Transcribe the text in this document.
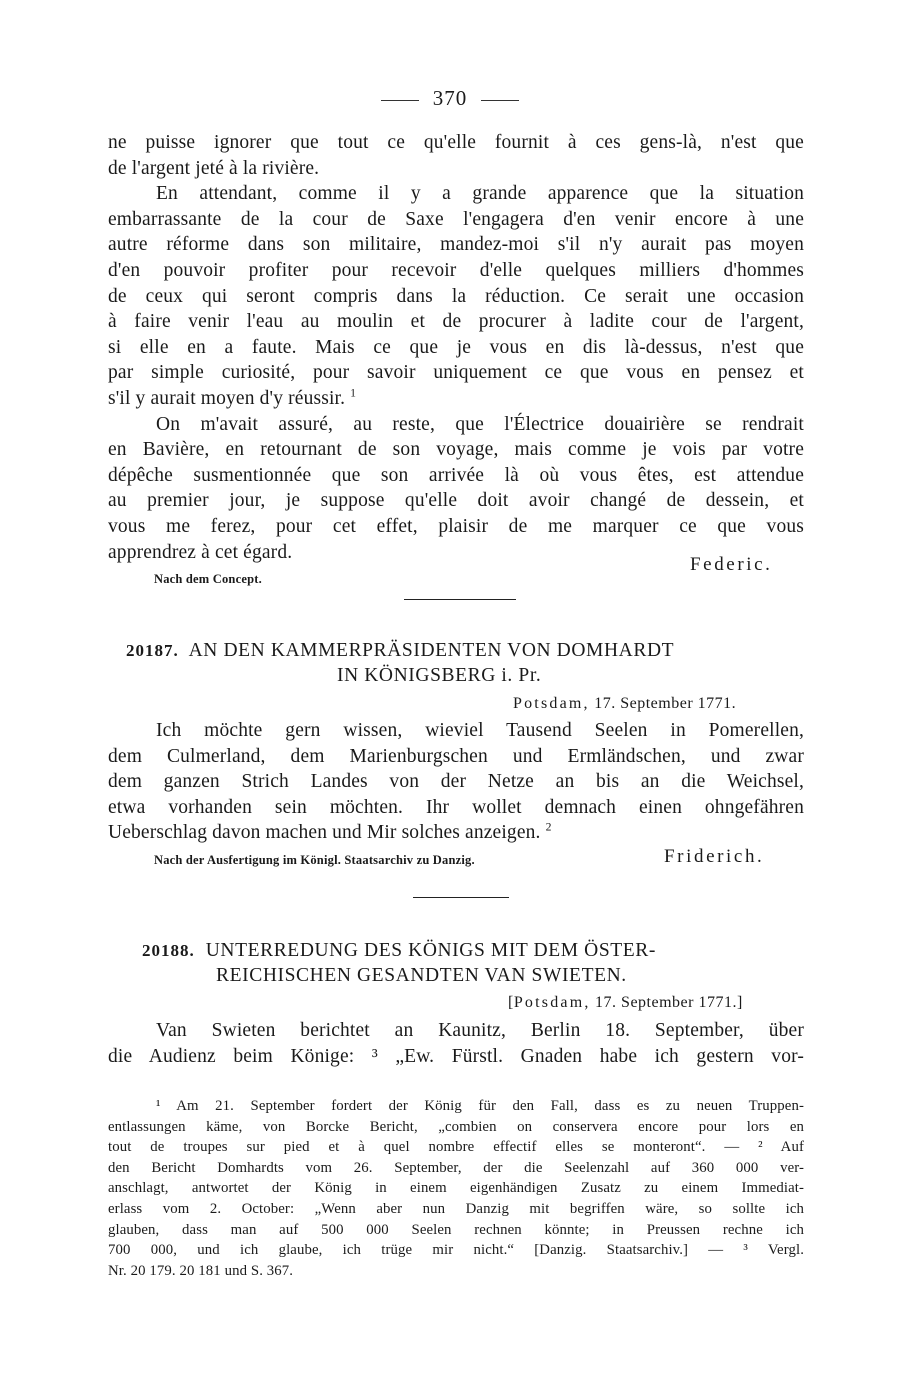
370
ne puisse ignorer que tout ce qu'elle fournit à ces gens-là, n'est que
de l'argent jeté à la rivière.
En attendant, comme il y a grande apparence que la situation
embarrassante de la cour de Saxe l'engagera d'en venir encore à une
autre réforme dans son militaire, mandez-moi s'il n'y aurait pas moyen
d'en pouvoir profiter pour recevoir d'elle quelques milliers d'hommes
de ceux qui seront compris dans la réduction. Ce serait une occasion
à faire venir l'eau au moulin et de procurer à ladite cour de l'argent,
si elle en a faute. Mais ce que je vous en dis là-dessus, n'est que
par simple curiosité, pour savoir uniquement ce que vous en pensez et
s'il y aurait moyen d'y réussir. $^1$
On m'avait assuré, au reste, que l'Électrice douairière se rendrait
en Bavière, en retournant de son voyage, mais comme je vois par votre
dépêche susmentionnée que son arrivée là où vous êtes, est attendue
au premier jour, je suppose qu'elle doit avoir changé de dessein, et
vous me ferez, pour cet effet, plaisir de me marquer ce que vous
apprendrez à cet égard.
Federic.
Nach dem Concept.
20187. AN DEN KAMMERPRÄSIDENTEN VON DOMHARDT
IN KÖNIGSBERG i. Pr.
Potsdam, 17. September 1771.
Ich möchte gern wissen, wieviel Tausend Seelen in Pomerellen,
dem Culmerland, dem Marienburgschen und Ermländschen, und zwar
dem ganzen Strich Landes von der Netze an bis an die Weichsel,
etwa vorhanden sein möchten. Ihr wollet demnach einen ohngefähren
Ueberschlag davon machen und Mir solches anzeigen. $^2$
Nach der Ausfertigung im Königl. Staatsarchiv zu Danzig.	Friderich.
20188. UNTERREDUNG DES KÖNIGS MIT DEM ÖSTER-
REICHISCHEN GESANDTEN VAN SWIETEN.
[Potsdam, 17. September 1771.]
Van Swieten berichtet an Kaunitz, Berlin 18. September, über
die Audienz beim Könige: ³ „Ew. Fürstl. Gnaden habe ich gestern vor-
¹ Am 21. September fordert der König für den Fall, dass es zu neuen Truppen-
entlassungen käme, von Borcke Bericht, „combien on conservera encore pour lors en
tout de troupes sur pied et à quel nombre effectif elles se monteront“. — ² Auf
den Bericht Domhardts vom 26. September, der die Seelenzahl auf 360 000 ver-
anschlagt, antwortet der König in einem eigenhändigen Zusatz zu einem Immediat-
erlass vom 2. October: „Wenn aber nun Danzig mit begriffen wäre, so sollte ich
glauben, dass man auf 500 000 Seelen rechnen könnte; in Preussen rechne ich
700 000, und ich glaube, ich trüge mir nicht.“ [Danzig. Staatsarchiv.] — ³ Vergl.
Nr. 20 179. 20 181 und S. 367.
